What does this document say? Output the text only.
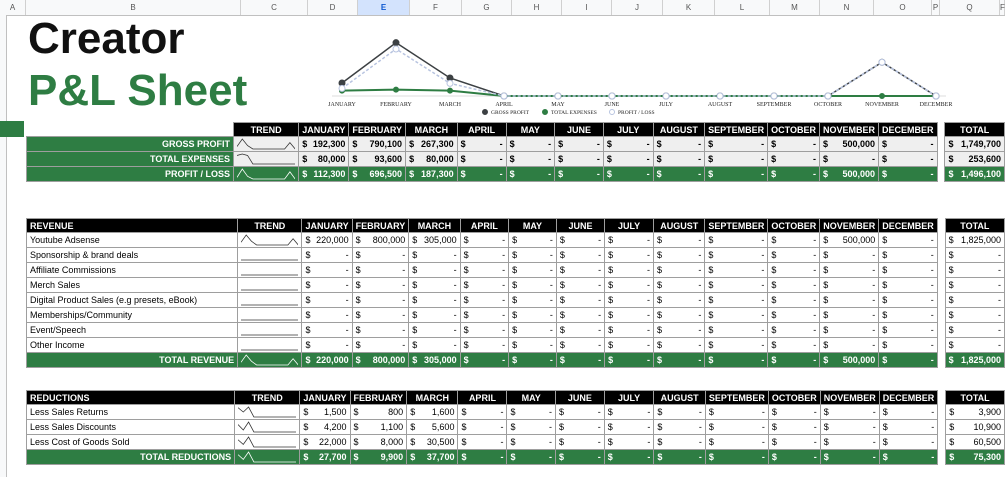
A	B	C	D	E	F	G	H	I	J	K	L	M	N	O	P	Q	F
Creator
P&L Sheet	JANUARY	FEBRUARY	MARCH	APRIL	MAY	JUNE	JULY	AUGUST	SEPTEMBER	OCTOBER	NOVEMBER	DECEMBER
GROSS PROFIT	TOTAL EXPENSES	PROFIT / LOSS
	TREND	JANUARY	FEBRUARY	MARCH	APRIL	MAY	JUNE	JULY	AUGUST	SEPTEMBER	OCTOBER	NOVEMBER	DECEMBER		TOTAL
GROSS PROFIT		$ 192,300	$ 790,100	$ 267,300	$ -	$ -	$ -	$ -	$ -	$ -	$ -	$ 500,000	$ -		$ 1,749,700

TOTAL EXPENSES		$ 80,000	$ 93,600	$ 80,000	$ -	$ -	$ -	$ -	$ -	$ -	$ -	$ -	$ -		$ 253,600

PROFIT / LOSS		$ 112,300	$ 696,500	$ 187,300	$ -	$ -	$ -	$ -	$ -	$ -	$ -	$ 500,000	$ -		$ 1,496,100
REVENUE	TREND	JANUARY	FEBRUARY	MARCH	APRIL	MAY	JUNE	JULY	AUGUST	SEPTEMBER	OCTOBER	NOVEMBER	DECEMBER		TOTAL
Youtube Adsense		$ 220,000	$ 800,000	$ 305,000	$ -	$ -	$ -	$ -	$ -	$ -	$ -	$ 500,000	$ -		$ 1,825,000

Sponsorship & brand deals		$ -	$ -	$ -	$ -	$ -	$ -	$ -	$ -	$ -	$ -	$ -	$ -		$ -

Affiliate Commissions		$ -	$ -	$ -	$ -	$ -	$ -	$ -	$ -	$ -	$ -	$ -	$ -		$ -

Merch Sales		$ -	$ -	$ -	$ -	$ -	$ -	$ -	$ -	$ -	$ -	$ -	$ -		$ -

Digital Product Sales (e.g presets, eBook)		$ -	$ -	$ -	$ -	$ -	$ -	$ -	$ -	$ -	$ -	$ -	$ -		$ -

Memberships/Community		$ -	$ -	$ -	$ -	$ -	$ -	$ -	$ -	$ -	$ -	$ -	$ -		$ -

Event/Speech		$ -	$ -	$ -	$ -	$ -	$ -	$ -	$ -	$ -	$ -	$ -	$ -		$ -

Other Income		$ -	$ -	$ -	$ -	$ -	$ -	$ -	$ -	$ -	$ -	$ -	$ -		$ -

TOTAL REVENUE		$ 220,000	$ 800,000	$ 305,000	$ -	$ -	$ -	$ -	$ -	$ -	$ -	$ 500,000	$ -		$ 1,825,000
REDUCTIONS	TREND	JANUARY	FEBRUARY	MARCH	APRIL	MAY	JUNE	JULY	AUGUST	SEPTEMBER	OCTOBER	NOVEMBER	DECEMBER		TOTAL
Less Sales Returns		$ 1,500	$ 800	$ 1,600	$ -	$ -	$ -	$ -	$ -	$ -	$ -	$ -	$ -		$ 3,900

Less Sales Discounts		$ 4,200	$ 1,100	$ 5,600	$ -	$ -	$ -	$ -	$ -	$ -	$ -	$ -	$ -		$ 10,900

Less Cost of Goods Sold		$ 22,000	$ 8,000	$ 30,500	$ -	$ -	$ -	$ -	$ -	$ -	$ -	$ -	$ -		$ 60,500

TOTAL REDUCTIONS		$ 27,700	$ 9,900	$ 37,700	$ -	$ -	$ -	$ -	$ -	$ -	$ -	$ -	$ -		$ 75,300
